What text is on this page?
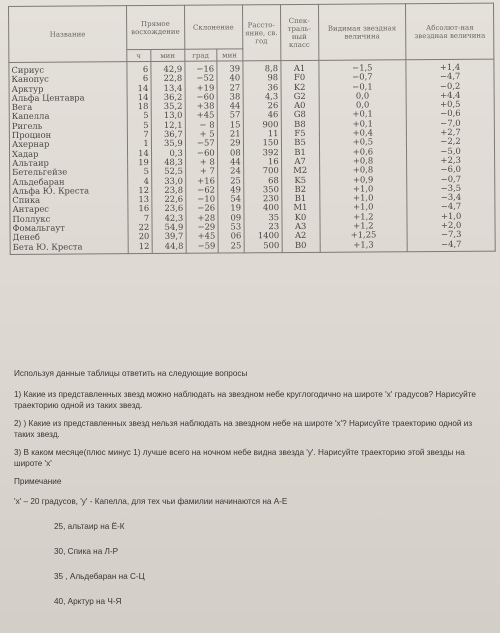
Название	Прямое восхождение		Склонение		Рассто-яние, св. год	Спек-траль-ный класс	Видимая звездная величина	Абсолют-ная звездная величина
	ч	мин	град	мин				
Сириус	6	42,9	−16	39	8,8	A1	−1,5	+1,4
Канопус	6	22,8	−52	40	98	F0	−0,7	−4,7
Арктур	14	13,4	+19	27	36	K2	−0,1	−0,2
Альфа Центавра	14	36,2	−60	38	4,3	G2	0,0	+4,4
Вега	18	35,2	+38	44	26	A0	0,0	+0,5
Капелла	5	13,0	+45	57	46	G8	+0,1	−0,6
Ригель	5	12,1	− 8	15	900	B8	+0,1	−7,0
Процион	7	36,7	+ 5	21	11	F5	+0,4	+2,7
Ахернар	1	35,9	−57	29	150	B5	+0,5	−2,2
Хадар	14	0,3	−60	08	392	B1	+0,6	−5,0
Альтаир	19	48,3	+ 8	44	16	A7	+0,8	+2,3
Бетельгейзе	5	52,5	+ 7	24	700	M2	+0,8	−6,0
Альдебаран	4	33,0	+16	25	68	K5	+0,9	−0,7
Альфа Ю. Креста	12	23,8	−62	49	350	B2	+1,0	−3,5
Спика	13	22,6	−10	54	230	B1	+1,0	−3,4
Антарес	16	23,6	−26	19	400	M1	+1,0	−4,7
Поллукс	7	42,3	+28	09	35	K0	+1,2	+1,0
Фомальгаут	22	54,9	−29	53	23	A3	+1,2	+2,0
Денеб	20	39,7	+45	06	1400	A2	+1,25	−7,3
Бета Ю. Креста	12	44,8	−59	25	500	B0	+1,3	−4,7

Используя данные таблицы ответить на следующие вопросы

1) Какие из представленных звезд можно наблюдать на звездном небе круглогодично на широте 'x' градусов? Нарисуйте траекторию одной из таких звезд.

2) ) Какие из представленных звезд нельзя наблюдать на звездном небе на широте 'x'? Нарисуйте траекторию одной из таких звезд.

3) В каком месяце(плюс минус 1) лучше всего на ночном небе видна звезда 'y'. Нарисуйте траекторию этой звезды на широте 'x'

Примечание

'x' – 20 градусов, 'y' - Капелла, для тех чьи фамилии начинаются на А-Е

25, альтаир на Ё-К

30, Спика на Л-Р

35 , Альдебаран на С-Ц

40, Арктур на Ч-Я
